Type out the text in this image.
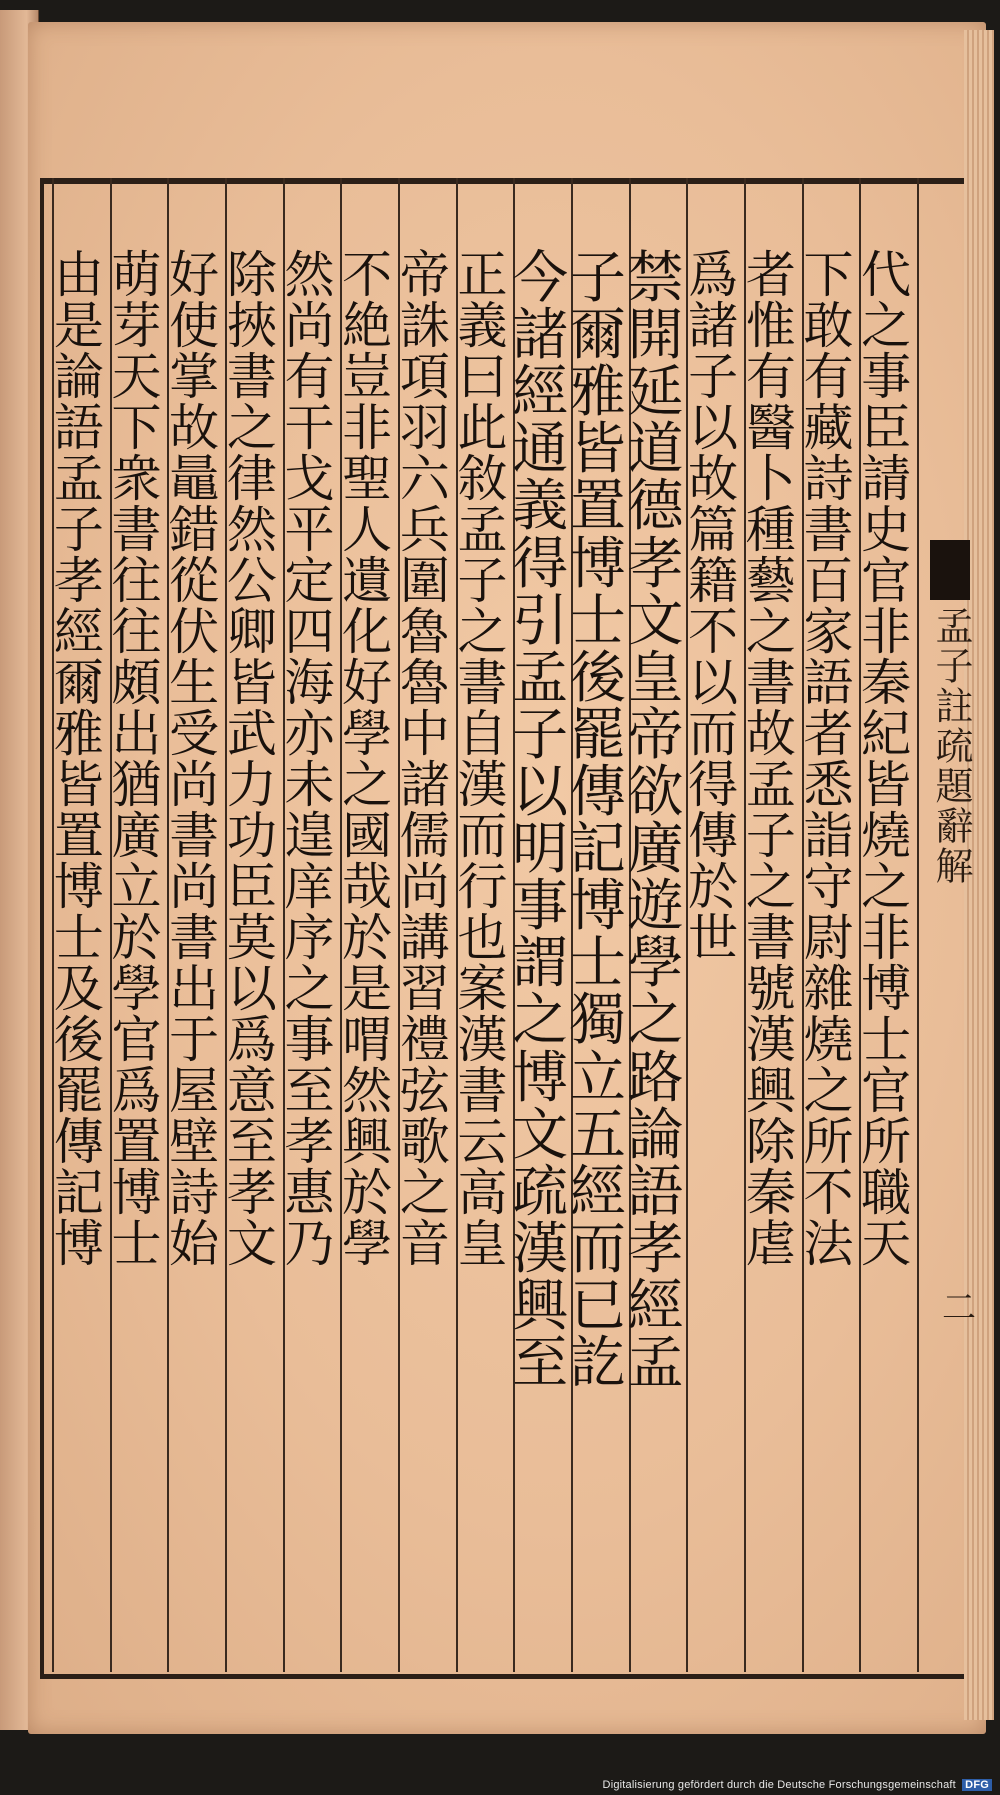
代
之
事
臣
請
史
官
非
秦
紀
皆
燒
之
非
博
士
官
所
職
天
下
敢
有
藏
詩
書
百
家
語
者
悉
詣
守
尉
雜
燒
之
所
不
法
者
惟
有
醫
卜
種
藝
之
書
故
孟
子
之
書
號
漢
興
除
秦
虐
爲
諸
子
以
故
篇
籍
不
以
而
得
傳
於
世
禁
開
延
道
德
孝
文
皇
帝
欲
廣
遊
學
之
路
論
語
孝
經
孟
子
爾
雅
皆
置
博
士
後
罷
傳
記
博
士
獨
立
五
經
而
已
訖
今
諸
經
通
義
得
引
孟
子
以
明
事
謂
之
博
文
疏
漢
興
至
正
義
曰
此
敘
孟
子
之
書
自
漢
而
行
也
案
漢
書
云
高
皇
帝
誅
項
羽
六
兵
圍
魯
魯
中
諸
儒
尚
講
習
禮
弦
歌
之
音
不
絶
豈
非
聖
人
遺
化
好
學
之
國
哉
於
是
喟
然
興
於
學
然
尚
有
干
戈
平
定
四
海
亦
未
遑
庠
序
之
事
至
孝
惠
乃
除
挾
書
之
律
然
公
卿
皆
武
力
功
臣
莫
以
爲
意
至
孝
文
好
使
掌
故
鼂
錯
從
伏
生
受
尚
書
尚
書
出
于
屋
壁
詩
始
萌
芽
天
下
衆
書
往
往
頗
出
猶
廣
立
於
學
官
爲
置
博
士
由
是
論
語
孟
子
孝
經
爾
雅
皆
置
博
士
及
後
罷
傳
記
博
孟子註疏題辭解
二
Digitalisierung gefördert durch die Deutsche Forschungsgemeinschaft DFG
